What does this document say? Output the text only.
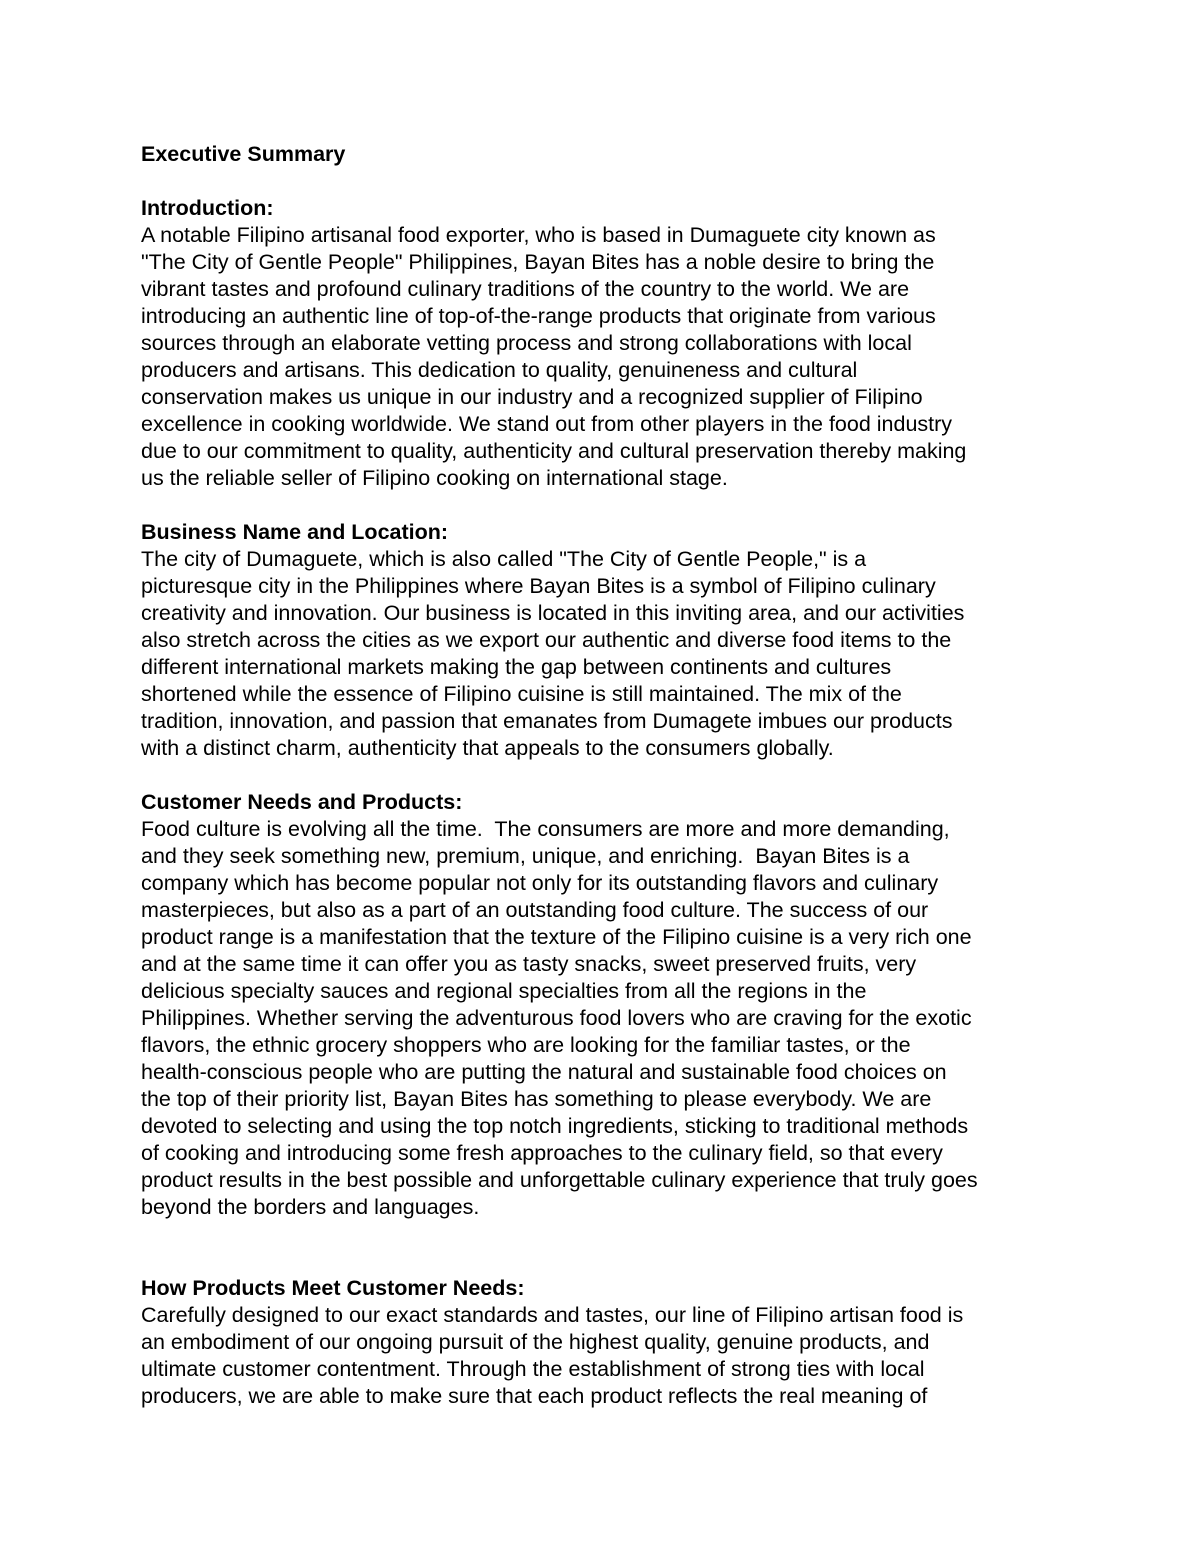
Executive Summary
Introduction:
A notable Filipino artisanal food exporter, who is based in Dumaguete city known as
"The City of Gentle People" Philippines, Bayan Bites has a noble desire to bring the
vibrant tastes and profound culinary traditions of the country to the world. We are
introducing an authentic line of top-of-the-range products that originate from various
sources through an elaborate vetting process and strong collaborations with local
producers and artisans. This dedication to quality, genuineness and cultural
conservation makes us unique in our industry and a recognized supplier of Filipino
excellence in cooking worldwide. We stand out from other players in the food industry
due to our commitment to quality, authenticity and cultural preservation thereby making
us the reliable seller of Filipino cooking on international stage.
Business Name and Location:
The city of Dumaguete, which is also called "The City of Gentle People," is a
picturesque city in the Philippines where Bayan Bites is a symbol of Filipino culinary
creativity and innovation. Our business is located in this inviting area, and our activities
also stretch across the cities as we export our authentic and diverse food items to the
different international markets making the gap between continents and cultures
shortened while the essence of Filipino cuisine is still maintained. The mix of the
tradition, innovation, and passion that emanates from Dumagete imbues our products
with a distinct charm, authenticity that appeals to the consumers globally.
Customer Needs and Products:
Food culture is evolving all the time.  The consumers are more and more demanding,
and they seek something new, premium, unique, and enriching.  Bayan Bites is a
company which has become popular not only for its outstanding flavors and culinary
masterpieces, but also as a part of an outstanding food culture. The success of our
product range is a manifestation that the texture of the Filipino cuisine is a very rich one
and at the same time it can offer you as tasty snacks, sweet preserved fruits, very
delicious specialty sauces and regional specialties from all the regions in the
Philippines. Whether serving the adventurous food lovers who are craving for the exotic
flavors, the ethnic grocery shoppers who are looking for the familiar tastes, or the
health-conscious people who are putting the natural and sustainable food choices on
the top of their priority list, Bayan Bites has something to please everybody. We are
devoted to selecting and using the top notch ingredients, sticking to traditional methods
of cooking and introducing some fresh approaches to the culinary field, so that every
product results in the best possible and unforgettable culinary experience that truly goes
beyond the borders and languages.
How Products Meet Customer Needs:
Carefully designed to our exact standards and tastes, our line of Filipino artisan food is
an embodiment of our ongoing pursuit of the highest quality, genuine products, and
ultimate customer contentment. Through the establishment of strong ties with local
producers, we are able to make sure that each product reflects the real meaning of
